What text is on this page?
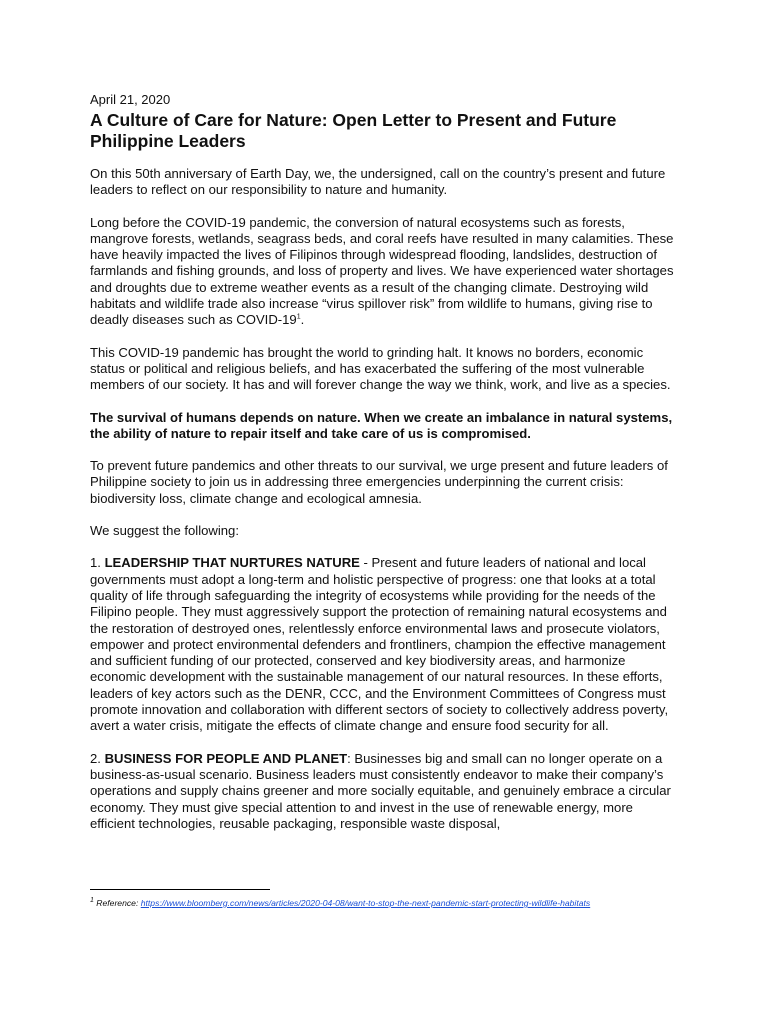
April 21, 2020
A Culture of Care for Nature: Open Letter to Present and Future Philippine Leaders

On this 50th anniversary of Earth Day, we, the undersigned, call on the country’s present and future leaders to reflect on our responsibility to nature and humanity.

Long before the COVID-19 pandemic, the conversion of natural ecosystems such as forests, mangrove forests, wetlands, seagrass beds, and coral reefs have resulted in many calamities. These have heavily impacted the lives of Filipinos through widespread flooding, landslides, destruction of farmlands and fishing grounds, and loss of property and lives. We have experienced water shortages and droughts due to extreme weather events as a result of the changing climate. Destroying wild habitats and wildlife trade also increase “virus spillover risk” from wildlife to humans, giving rise to deadly diseases such as COVID-$19^1$.

This COVID-19 pandemic has brought the world to grinding halt. It knows no borders, economic status or political and religious beliefs, and has exacerbated the suffering of the most vulnerable members of our society. It has and will forever change the way we think, work, and live as a species.

The survival of humans depends on nature. When we create an imbalance in natural systems, the ability of nature to repair itself and take care of us is compromised.

To prevent future pandemics and other threats to our survival, we urge present and future leaders of Philippine society to join us in addressing three emergencies underpinning the current crisis: biodiversity loss, climate change and ecological amnesia.

We suggest the following:

1. LEADERSHIP THAT NURTURES NATURE - Present and future leaders of national and local governments must adopt a long-term and holistic perspective of progress: one that looks at a total quality of life through safeguarding the integrity of ecosystems while providing for the needs of the Filipino people. They must aggressively support the protection of remaining natural ecosystems and the restoration of destroyed ones, relentlessly enforce environmental laws and prosecute violators, empower and protect environmental defenders and frontliners, champion the effective management and sufficient funding of our protected, conserved and key biodiversity areas, and harmonize economic development with the sustainable management of our natural resources. In these efforts, leaders of key actors such as the DENR, CCC, and the Environment Committees of Congress must promote innovation and collaboration with different sectors of society to collectively address poverty, avert a water crisis, mitigate the effects of climate change and ensure food security for all.

2. BUSINESS FOR PEOPLE AND PLANET: Businesses big and small can no longer operate on a business-as-usual scenario. Business leaders must consistently endeavor to make their company’s operations and supply chains greener and more socially equitable, and genuinely embrace a circular economy. They must give special attention to and invest in the use of renewable energy, more efficient technologies, reusable packaging, responsible waste disposal,

$^1$ Reference: https://www.bloomberg.com/news/articles/2020-04-08/want-to-stop-the-next-pandemic-start-protecting-wildlife-habitats
